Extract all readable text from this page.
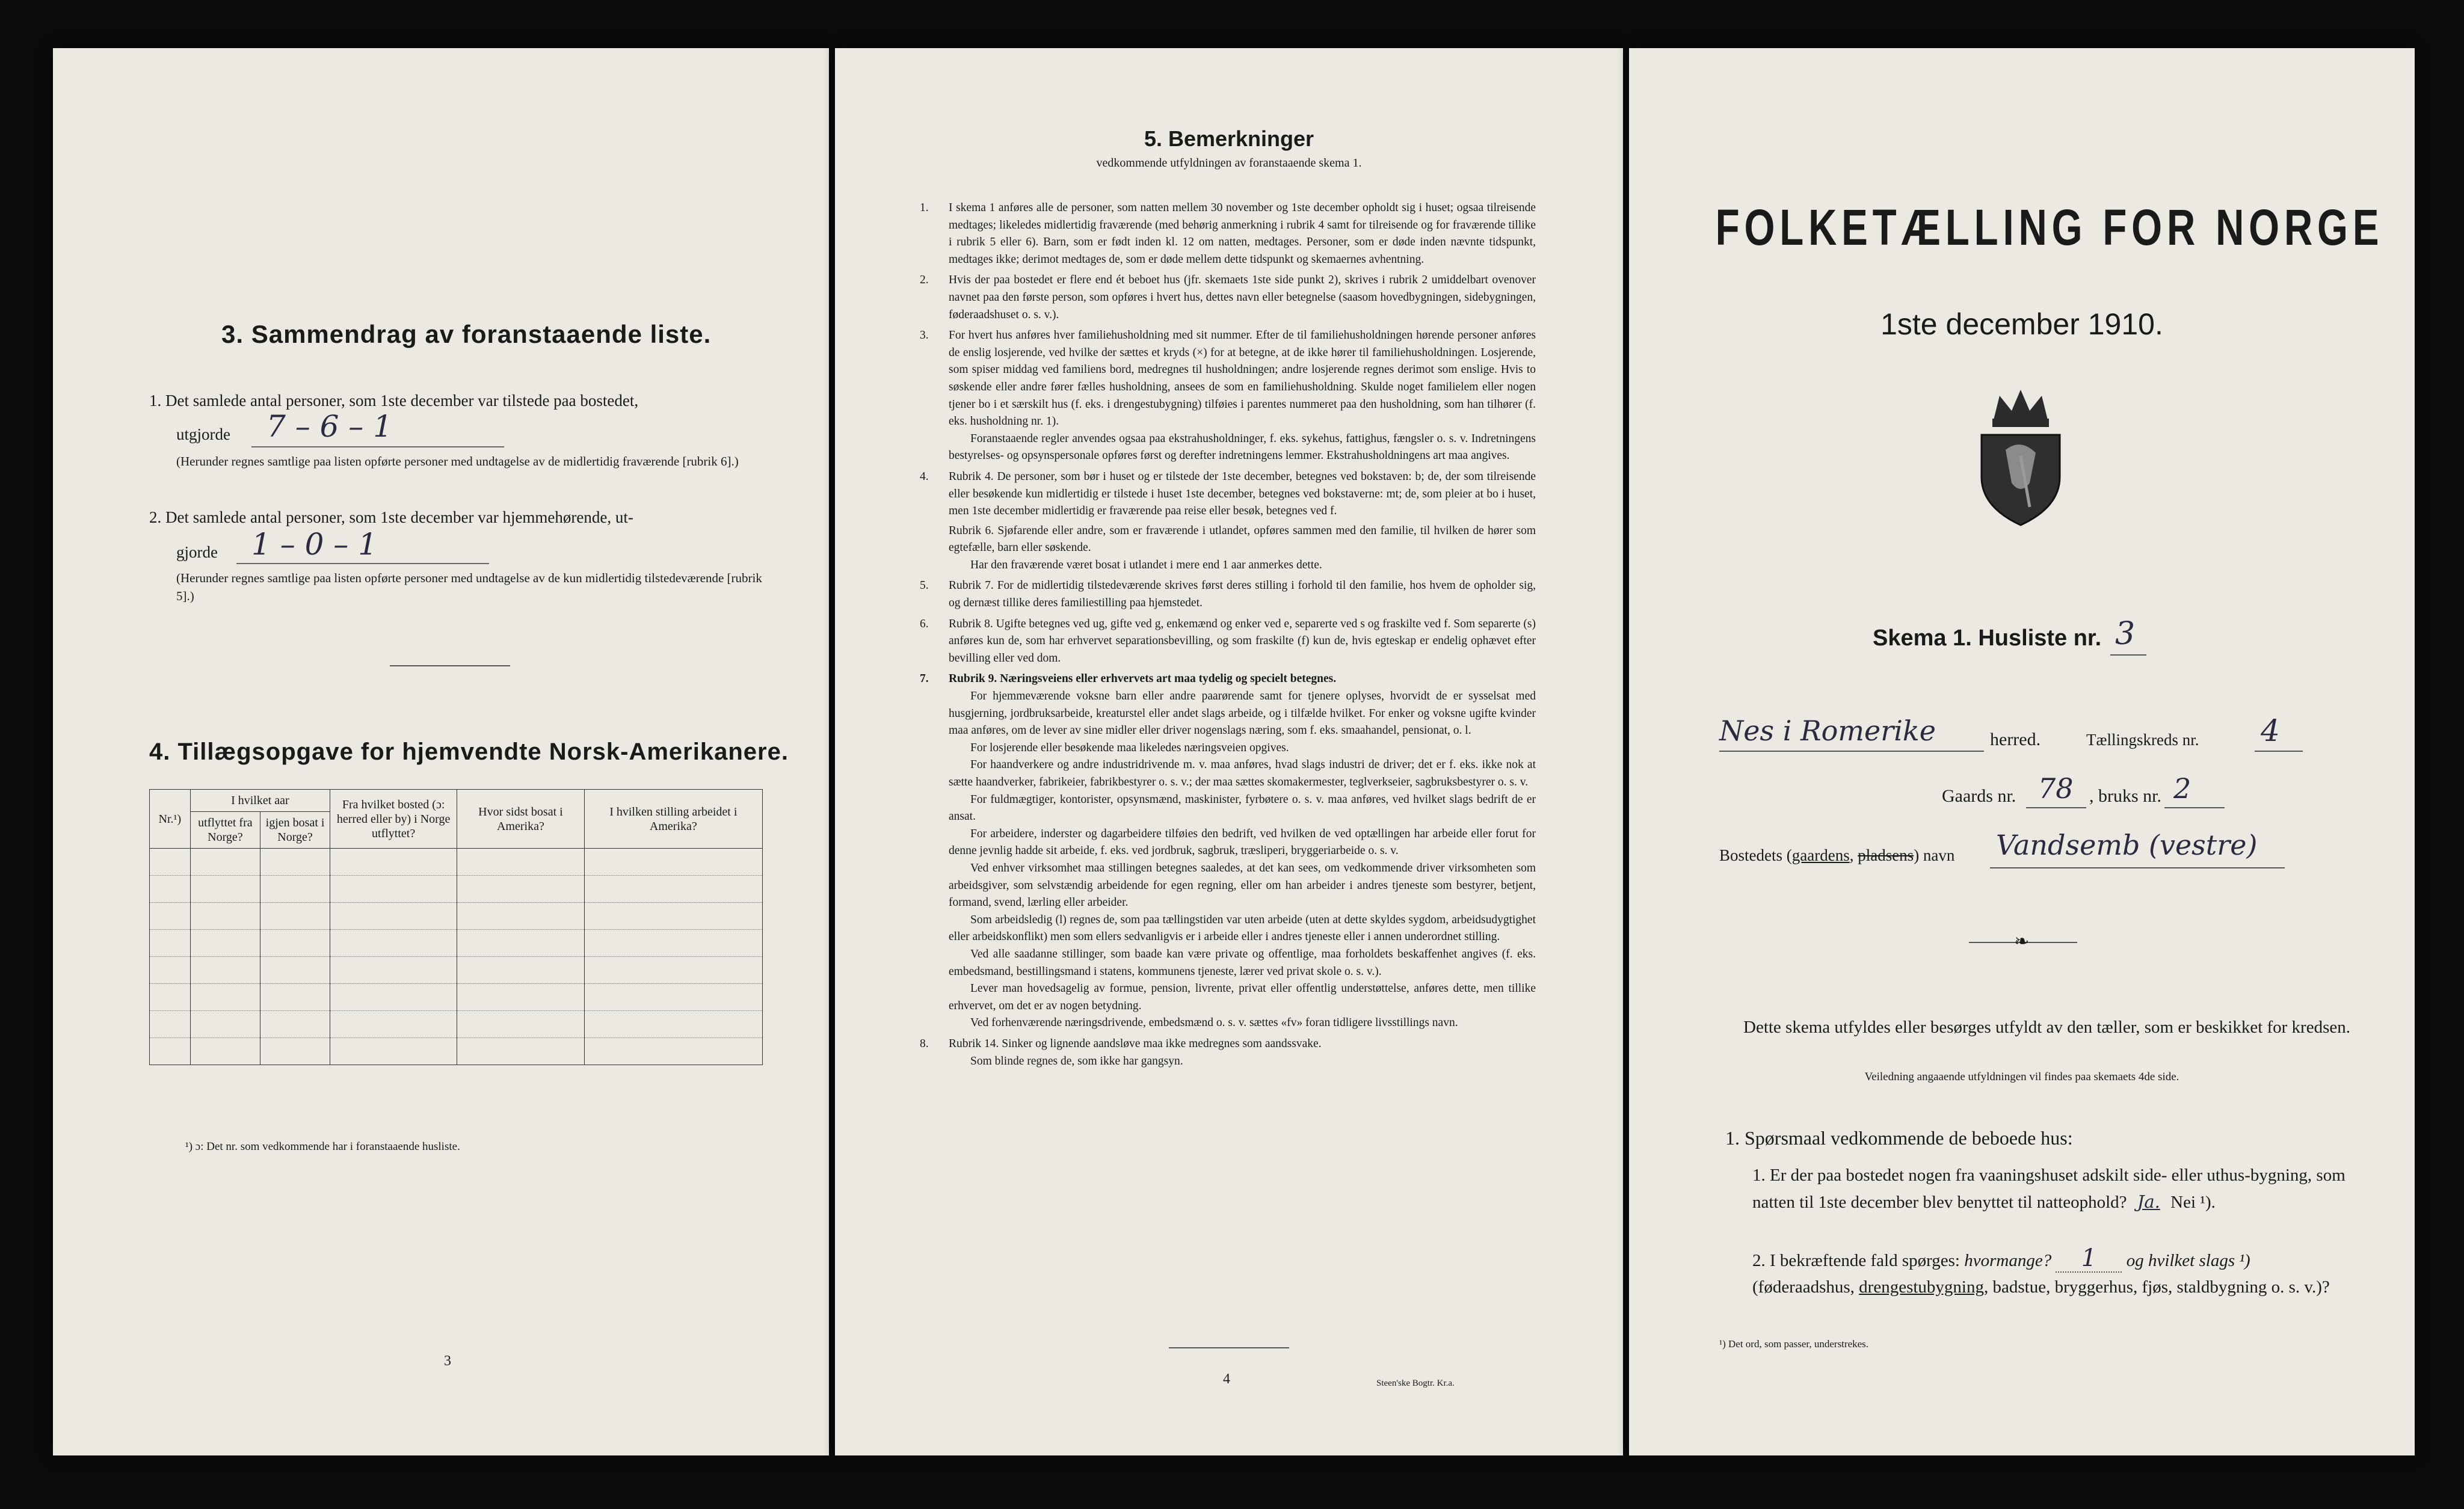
3. Sammendrag av foranstaaende liste.
1. Det samlede antal personer, som 1ste december var tilstede paa bostedet,
utgjorde 7 – 6 – 1
(Herunder regnes samtlige paa listen opførte personer med undtagelse av de midlertidig fraværende [rubrik 6].)
2. Det samlede antal personer, som 1ste december var hjemmehørende, ut-
gjorde 1 – 0 – 1
(Herunder regnes samtlige paa listen opførte personer med undtagelse av de kun midlertidig tilstedeværende [rubrik 5].)
4. Tillægsopgave for hjemvendte Norsk-Amerikanere.
Nr.¹)	I hvilket aar		Fra hvilket bosted (ɔ: herred eller by) i Norge utflyttet?	Hvor sidst bosat i Amerika?	I hvilken stilling arbeidet i Amerika?
	utflyttet fra Norge?	igjen bosat i Norge?			

¹) ɔ: Det nr. som vedkommende har i foranstaaende husliste.
3
5. Bemerkninger
vedkommende utfyldningen av foranstaaende skema 1.

1. I skema 1 anføres alle de personer, som natten mellem 30 november og 1ste december opholdt sig i huset; ogsaa tilreisende medtages; likeledes midlertidig fraværende (med behørig anmerkning i rubrik 4 samt for tilreisende og for fraværende tillike i rubrik 5 eller 6). Barn, som er født inden kl. 12 om natten, medtages. Personer, som er døde inden nævnte tidspunkt, medtages ikke; derimot medtages de, som er døde mellem dette tidspunkt og skemaernes avhentning.

2. Hvis der paa bostedet er flere end ét beboet hus (jfr. skemaets 1ste side punkt 2), skrives i rubrik 2 umiddelbart ovenover navnet paa den første person, som opføres i hvert hus, dettes navn eller betegnelse (saasom hovedbygningen, sidebygningen, føderaadshuset o. s. v.).

3. For hvert hus anføres hver familiehusholdning med sit nummer. Efter de til familiehusholdningen hørende personer anføres de enslig losjerende, ved hvilke der sættes et kryds (×) for at betegne, at de ikke hører til familiehusholdningen. Losjerende, som spiser middag ved familiens bord, medregnes til husholdningen; andre losjerende regnes derimot som enslige. Hvis to søskende eller andre fører fælles husholdning, ansees de som en familiehusholdning. Skulde noget familielem eller nogen tjener bo i et særskilt hus (f. eks. i drengestubygning) tilføies i parentes nummeret paa den husholdning, som han tilhører (f. eks. husholdning nr. 1).

Foranstaaende regler anvendes ogsaa paa ekstrahusholdninger, f. eks. sykehus, fattighus, fængsler o. s. v. Indretningens bestyrelses- og opsynspersonale opføres først og derefter indretningens lemmer. Ekstrahusholdningens art maa angives.

4. Rubrik 4. De personer, som bør i huset og er tilstede der 1ste december, betegnes ved bokstaven: b; de, der som tilreisende eller besøkende kun midlertidig er tilstede i huset 1ste december, betegnes ved bokstaverne: mt; de, som pleier at bo i huset, men 1ste december midlertidig er fraværende paa reise eller besøk, betegnes ved f.

Rubrik 6. Sjøfarende eller andre, som er fraværende i utlandet, opføres sammen med den familie, til hvilken de hører som egtefælle, barn eller søskende.

Har den fraværende været bosat i utlandet i mere end 1 aar anmerkes dette.

5. Rubrik 7. For de midlertidig tilstedeværende skrives først deres stilling i forhold til den familie, hos hvem de opholder sig, og dernæst tillike deres familiestilling paa hjemstedet.

6. Rubrik 8. Ugifte betegnes ved ug, gifte ved g, enkemænd og enker ved e, separerte ved s og fraskilte ved f. Som separerte (s) anføres kun de, som har erhvervet separationsbevilling, og som fraskilte (f) kun de, hvis egteskap er endelig ophævet efter bevilling eller ved dom.

7. Rubrik 9. Næringsveiens eller erhvervets art maa tydelig og specielt betegnes.

For hjemmeværende voksne barn eller andre paarørende samt for tjenere oplyses, hvorvidt de er sysselsat med husgjerning, jordbruksarbeide, kreaturstel eller andet slags arbeide, og i tilfælde hvilket. For enker og voksne ugifte kvinder maa anføres, om de lever av sine midler eller driver nogenslags næring, som f. eks. smaahandel, pensionat, o. l.

For losjerende eller besøkende maa likeledes næringsveien opgives.

For haandverkere og andre industridrivende m. v. maa anføres, hvad slags industri de driver; det er f. eks. ikke nok at sætte haandverker, fabrikeier, fabrikbestyrer o. s. v.; der maa sættes skomakermester, teglverkseier, sagbruksbestyrer o. s. v.

For fuldmægtiger, kontorister, opsynsmænd, maskinister, fyrbøtere o. s. v. maa anføres, ved hvilket slags bedrift de er ansat.

For arbeidere, inderster og dagarbeidere tilføies den bedrift, ved hvilken de ved optællingen har arbeide eller forut for denne jevnlig hadde sit arbeide, f. eks. ved jordbruk, sagbruk, træsliperi, bryggeriarbeide o. s. v.

Ved enhver virksomhet maa stillingen betegnes saaledes, at det kan sees, om vedkommende driver virksomheten som arbeidsgiver, som selvstændig arbeidende for egen regning, eller om han arbeider i andres tjeneste som bestyrer, betjent, formand, svend, lærling eller arbeider.

Som arbeidsledig (l) regnes de, som paa tællingstiden var uten arbeide (uten at dette skyldes sygdom, arbeidsudygtighet eller arbeidskonflikt) men som ellers sedvanligvis er i arbeide eller i andres tjeneste eller i annen underordnet stilling.

Ved alle saadanne stillinger, som baade kan være private og offentlige, maa forholdets beskaffenhet angives (f. eks. embedsmand, bestillingsmand i statens, kommunens tjeneste, lærer ved privat skole o. s. v.).

Lever man hovedsagelig av formue, pension, livrente, privat eller offentlig understøttelse, anføres dette, men tillike erhvervet, om det er av nogen betydning.

Ved forhenværende næringsdrivende, embedsmænd o. s. v. sættes «fv» foran tidligere livsstillings navn.

8. Rubrik 14. Sinker og lignende aandsløve maa ikke medregnes som aandssvake.

Som blinde regnes de, som ikke har gangsyn.

4	Steen'ske Bogtr. Kr.a.
FOLKETÆLLING FOR NORGE
1ste december 1910.
Skema 1. Husliste nr. 3
Nes i Romerike	herred.	Tællingskreds nr. 4
Gaards nr. 78 , bruks nr. 2
Bostedets (gaardens, pladsens) navn Vandsemb (vestre)
❧
Dette skema utfyldes eller besørges utfyldt av den tæller, som er beskikket for kredsen.
Veiledning angaaende utfyldningen vil findes paa skemaets 4de side.
1. Spørsmaal vedkommende de beboede hus:
1. Er der paa bostedet nogen fra vaaningshuset adskilt side- eller uthus-bygning, som natten til 1ste december blev benyttet til natteophold? Ja. Nei ¹).
2. I bekræftende fald spørges: hvormange? 1 og hvilket slags ¹)
(føderaadshus, drengestubygning, badstue, bryggerhus, fjøs, staldbygning o. s. v.)?
¹) Det ord, som passer, understrekes.
